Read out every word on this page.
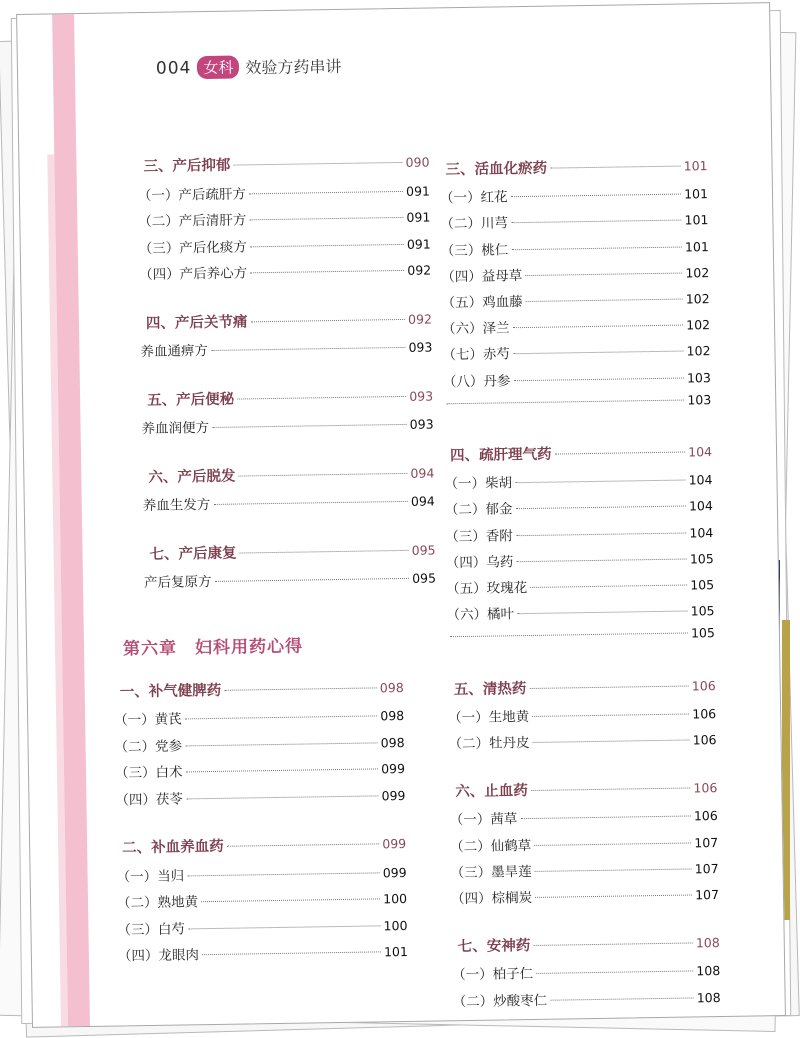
004 女科 效验方药串讲
三、产后抑郁	090
（一）产后疏肝方	091
（二）产后清肝方	091
（三）产后化痰方	091
（四）产后养心方	092
四、产后关节痛	092
养血通痹方	093
五、产后便秘	093
养血润便方	093
六、产后脱发	094
养血生发方	094
七、产后康复	095
产后复原方	095
第六章　妇科用药心得
一、补气健脾药	098
（一）黄芪	098
（二）党参	098
（三）白术	099
（四）茯苓	099
二、补血养血药	099
（一）当归	099
（二）熟地黄	100
（三）白芍	100
（四）龙眼肉	101
三、活血化瘀药	101
（一）红花	101
（二）川芎	101
（三）桃仁	101
（四）益母草	102
（五）鸡血藤	102
（六）泽兰	102
（七）赤芍	102
（八）丹参	103
103
四、疏肝理气药	104
（一）柴胡	104
（二）郁金	104
（三）香附	104
（四）乌药	105
（五）玫瑰花	105
（六）橘叶	105
105
五、清热药	106
（一）生地黄	106
（二）牡丹皮	106
六、止血药	106
（一）茜草	106
（二）仙鹤草	107
（三）墨旱莲	107
（四）棕榈炭	107
七、安神药	108
（一）柏子仁	108
（二）炒酸枣仁	108
